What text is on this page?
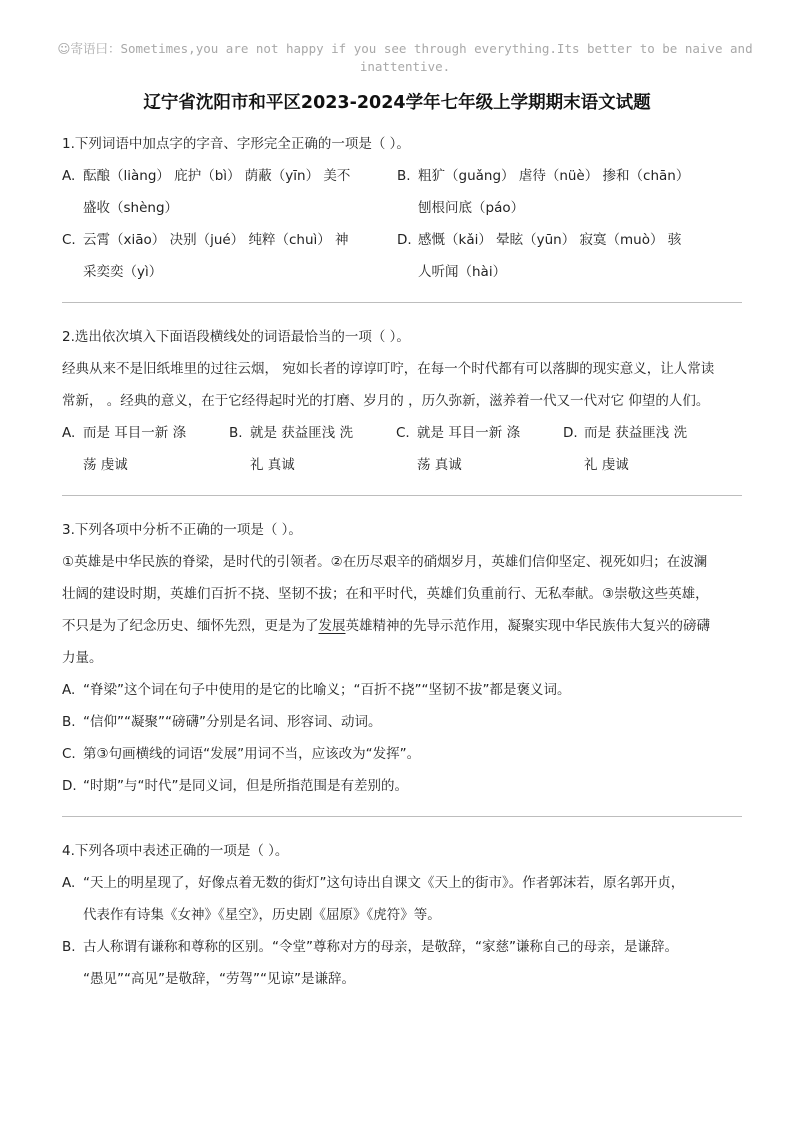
☺寄语曰：Sometimes,you are not happy if you see through everything.Its better to be naive and inattentive.
辽宁省沈阳市和平区2023-2024学年七年级上学期期末语文试题
1.下列词语中加点字的字音、字形完全正确的一项是（ ）。
A. 酝酿（liàng） 庇护（bì） 荫蔽（yīn） 美不
盛收（shèng）
B. 粗犷（guǎng） 虐待（nüè） 掺和（chān）
刨根问底（páo）
C. 云霄（xiāo） 决别（jué） 纯粹（chuì） 神
采奕奕（yì）
D. 感慨（kǎi） 晕眩（yūn） 寂寞（muò） 骇
人听闻（hài）
2.选出依次填入下面语段横线处的词语最恰当的一项（ ）。
经典从来不是旧纸堆里的过往云烟， 宛如长者的谆谆叮咛，在每一个时代都有可以落脚的现实意义，让人常读
常新， 。经典的意义，在于它经得起时光的打磨、岁月的 ，历久弥新，滋养着一代又一代对它 仰望的人们。
A. 而是 耳目一新 涤
荡 虔诚
B. 就是 获益匪浅 洗
礼 真诚
C. 就是 耳目一新 涤
荡 真诚
D. 而是 获益匪浅 洗
礼 虔诚
3.下列各项中分析不正确的一项是（ ）。
①英雄是中华民族的脊梁，是时代的引领者。②在历尽艰辛的硝烟岁月，英雄们信仰坚定、视死如归；在波澜
壮阔的建设时期，英雄们百折不挠、坚韧不拔；在和平时代，英雄们负重前行、无私奉献。③崇敬这些英雄，
不只是为了纪念历史、缅怀先烈，更是为了发展英雄精神的先导示范作用，凝聚实现中华民族伟大复兴的磅礴
力量。
A. “脊梁”这个词在句子中使用的是它的比喻义；“百折不挠”“坚韧不拔”都是褒义词。
B. “信仰”“凝聚”“磅礴”分别是名词、形容词、动词。
C. 第③句画横线的词语“发展”用词不当，应该改为“发挥”。
D. “时期”与“时代”是同义词，但是所指范围是有差别的。
4.下列各项中表述正确的一项是（ ）。
A. “天上的明星现了，好像点着无数的街灯”这句诗出自课文《天上的街市》。作者郭沫若，原名郭开贞，
代表作有诗集《女神》《星空》，历史剧《屈原》《虎符》等。
B. 古人称谓有谦称和尊称的区别。“令堂”尊称对方的母亲，是敬辞，“家慈”谦称自己的母亲，是谦辞。
“愚见”“高见”是敬辞，“劳驾”“见谅”是谦辞。
